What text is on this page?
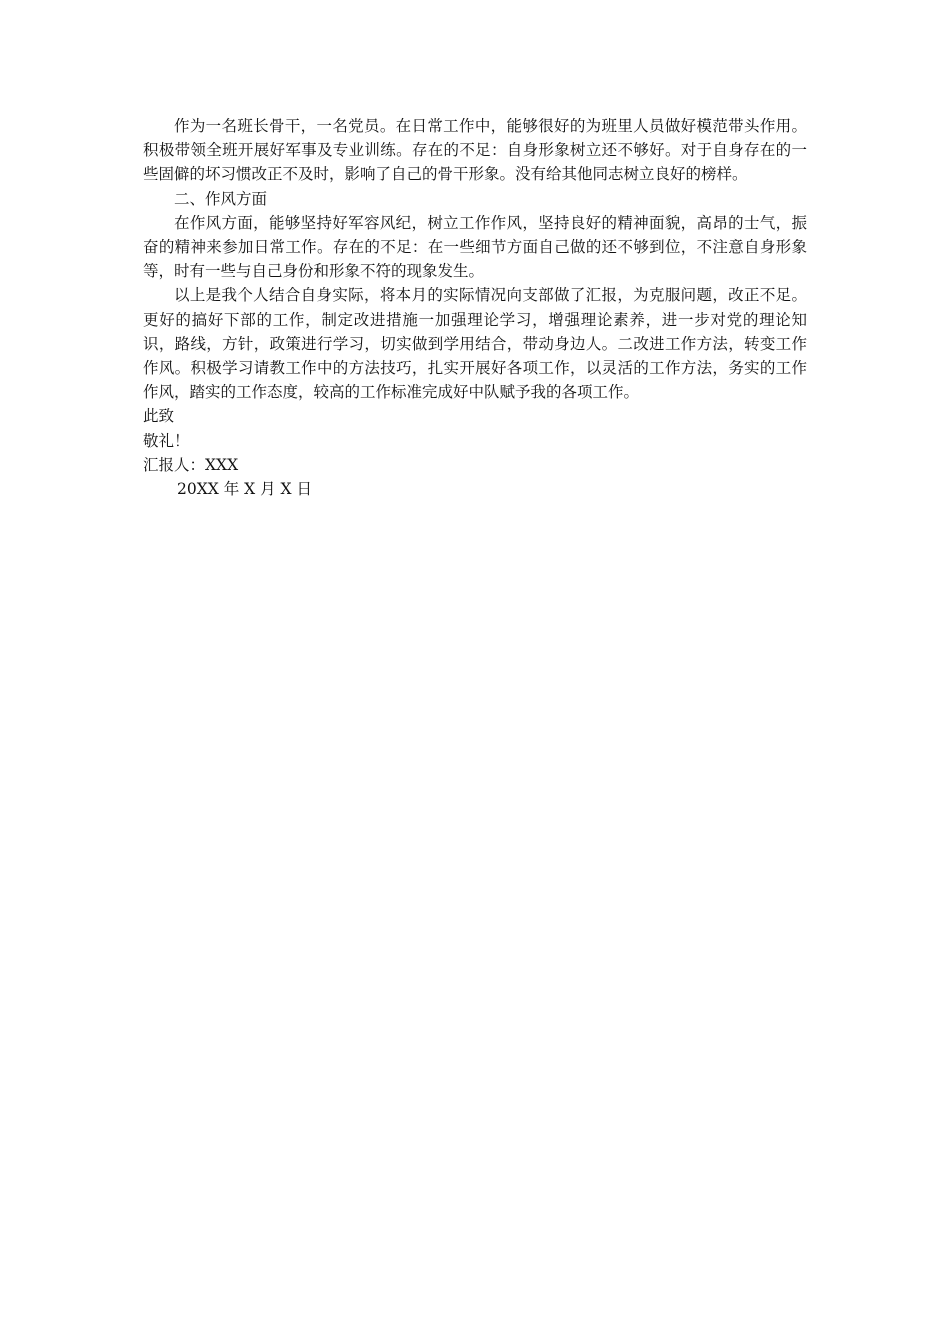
作为一名班长骨干，一名党员。在日常工作中，能够很好的为班里人员做好模范带头作用。积极带领全班开展好军事及专业训练。存在的不足：自身形象树立还不够好。对于自身存在的一些固僻的坏习惯改正不及时，影响了自己的骨干形象。没有给其他同志树立良好的榜样。

二、作风方面

在作风方面，能够坚持好军容风纪，树立工作作风，坚持良好的精神面貌，高昂的士气，振奋的精神来参加日常工作。存在的不足：在一些细节方面自己做的还不够到位，不注意自身形象等，时有一些与自己身份和形象不符的现象发生。

以上是我个人结合自身实际，将本月的实际情况向支部做了汇报，为克服问题，改正不足。更好的搞好下部的工作，制定改进措施一加强理论学习，增强理论素养，进一步对党的理论知识，路线，方针，政策进行学习，切实做到学用结合，带动身边人。二改进工作方法，转变工作作风。积极学习请教工作中的方法技巧，扎实开展好各项工作，以灵活的工作方法，务实的工作作风，踏实的工作态度，较高的工作标准完成好中队赋予我的各项工作。

此致

敬礼！

汇报人：XXX

20XX 年 X 月 X 日
